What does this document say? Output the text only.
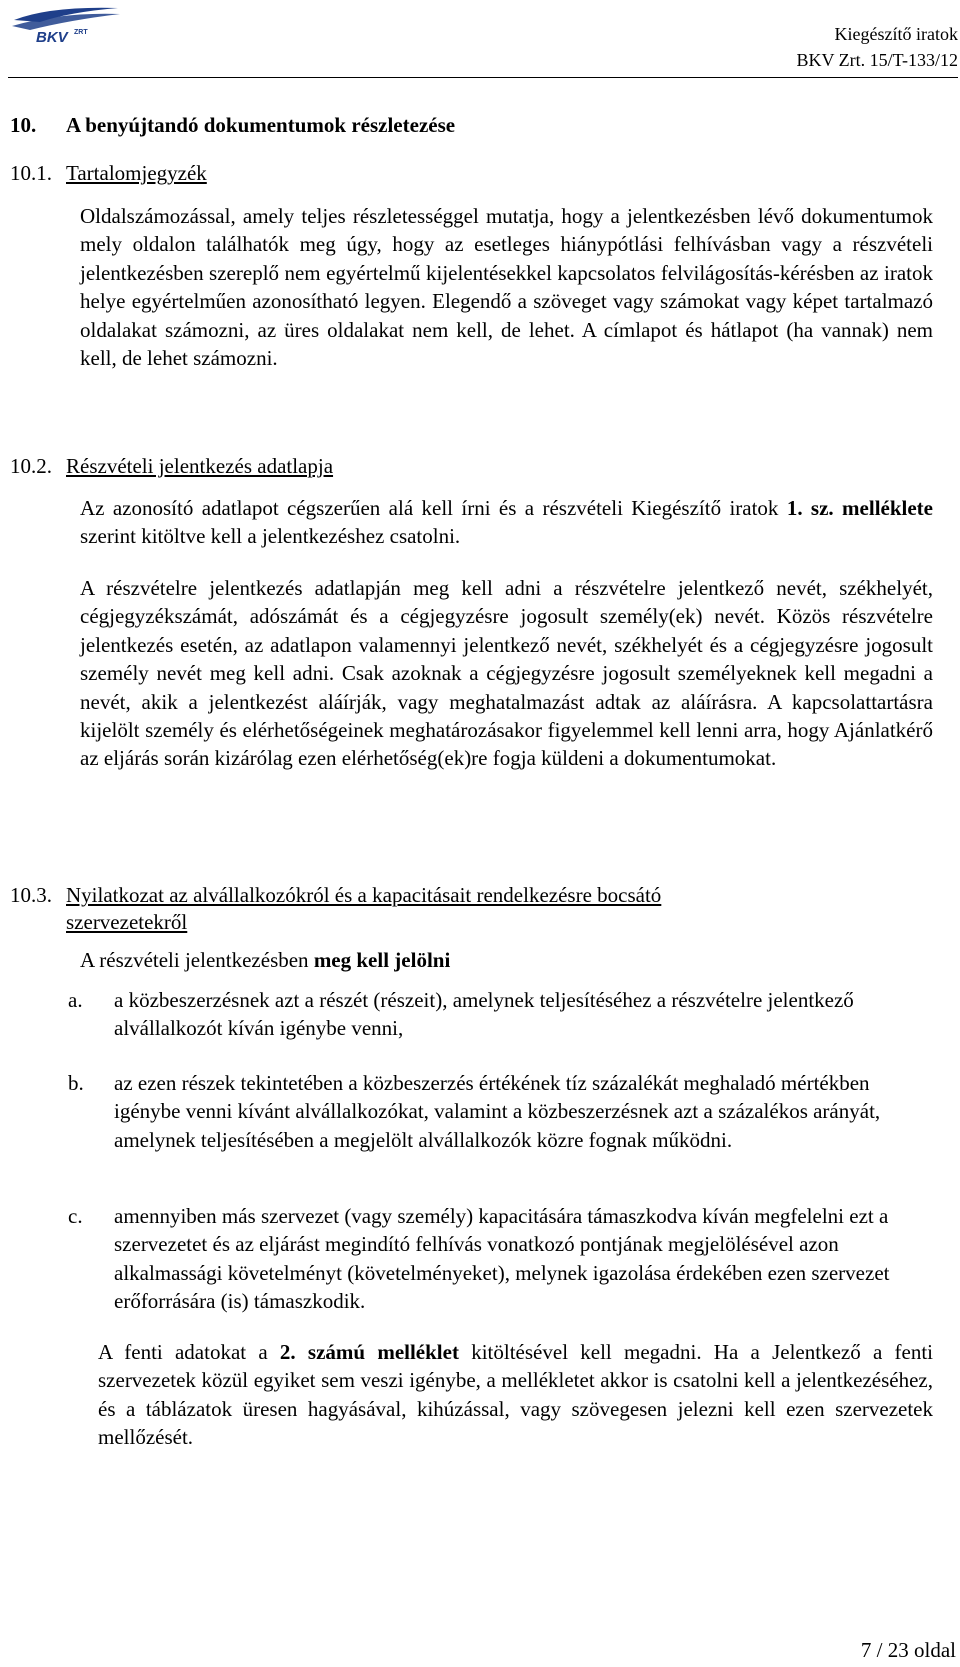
BKV ZRT	Kiegészítő iratok
BKV Zrt. 15/T-133/12
10. A benyújtandó dokumentumok részletezése
10.1. Tartalomjegyzék

Oldalszámozással, amely teljes részletességgel mutatja, hogy a jelentkezésben lévő dokumentumok mely oldalon találhatók meg úgy, hogy az esetleges hiánypótlási felhívásban vagy a részvételi jelentkezésben szereplő nem egyértelmű kijelentésekkel kapcsolatos felvilágosítás-kérésben az iratok helye egyértelműen azonosítható legyen. Elegendő a szöveget vagy számokat vagy képet tartalmazó oldalakat számozni, az üres oldalakat nem kell, de lehet. A címlapot és hátlapot (ha vannak) nem kell, de lehet számozni.

10.2. Részvételi jelentkezés adatlapja

Az azonosító adatlapot cégszerűen alá kell írni és a részvételi Kiegészítő iratok 1. sz. melléklete szerint kitöltve kell a jelentkezéshez csatolni.

A részvételre jelentkezés adatlapján meg kell adni a részvételre jelentkező nevét, székhelyét, cégjegyzékszámát, adószámát és a cégjegyzésre jogosult személy(ek) nevét. Közös részvételre jelentkezés esetén, az adatlapon valamennyi jelentkező nevét, székhelyét és a cégjegyzésre jogosult személy nevét meg kell adni. Csak azoknak a cégjegyzésre jogosult személyeknek kell megadni a nevét, akik a jelentkezést aláírják, vagy meghatalmazást adtak az aláírásra. A kapcsolattartásra kijelölt személy és elérhetőségeinek meghatározásakor figyelemmel kell lenni arra, hogy Ajánlatkérő az eljárás során kizárólag ezen elérhetőség(ek)re fogja küldeni a dokumentumokat.

10.3. Nyilatkozat az alvállalkozókról és a kapacitásait rendelkezésre bocsátó
szervezetekről

A részvételi jelentkezésben meg kell jelölni

a. a közbeszerzésnek azt a részét (részeit), amelynek teljesítéséhez a részvételre jelentkező alvállalkozót kíván igénybe venni,

b. az ezen részek tekintetében a közbeszerzés értékének tíz százalékát meghaladó mértékben igénybe venni kívánt alvállalkozókat, valamint a közbeszerzésnek azt a százalékos arányát, amelynek teljesítésében a megjelölt alvállalkozók közre fognak működni.

c. amennyiben más szervezet (vagy személy) kapacitására támaszkodva kíván megfelelni ezt a szervezetet és az eljárást megindító felhívás vonatkozó pontjának megjelölésével azon alkalmassági követelményt (követelményeket), melynek igazolása érdekében ezen szervezet erőforrására (is) támaszkodik.

A fenti adatokat a 2. számú melléklet kitöltésével kell megadni. Ha a Jelentkező a fenti szervezetek közül egyiket sem veszi igénybe, a mellékletet akkor is csatolni kell a jelentkezéséhez, és a táblázatok üresen hagyásával, kihúzással, vagy szövegesen jelezni kell ezen szervezetek mellőzését.

7 / 23 oldal
